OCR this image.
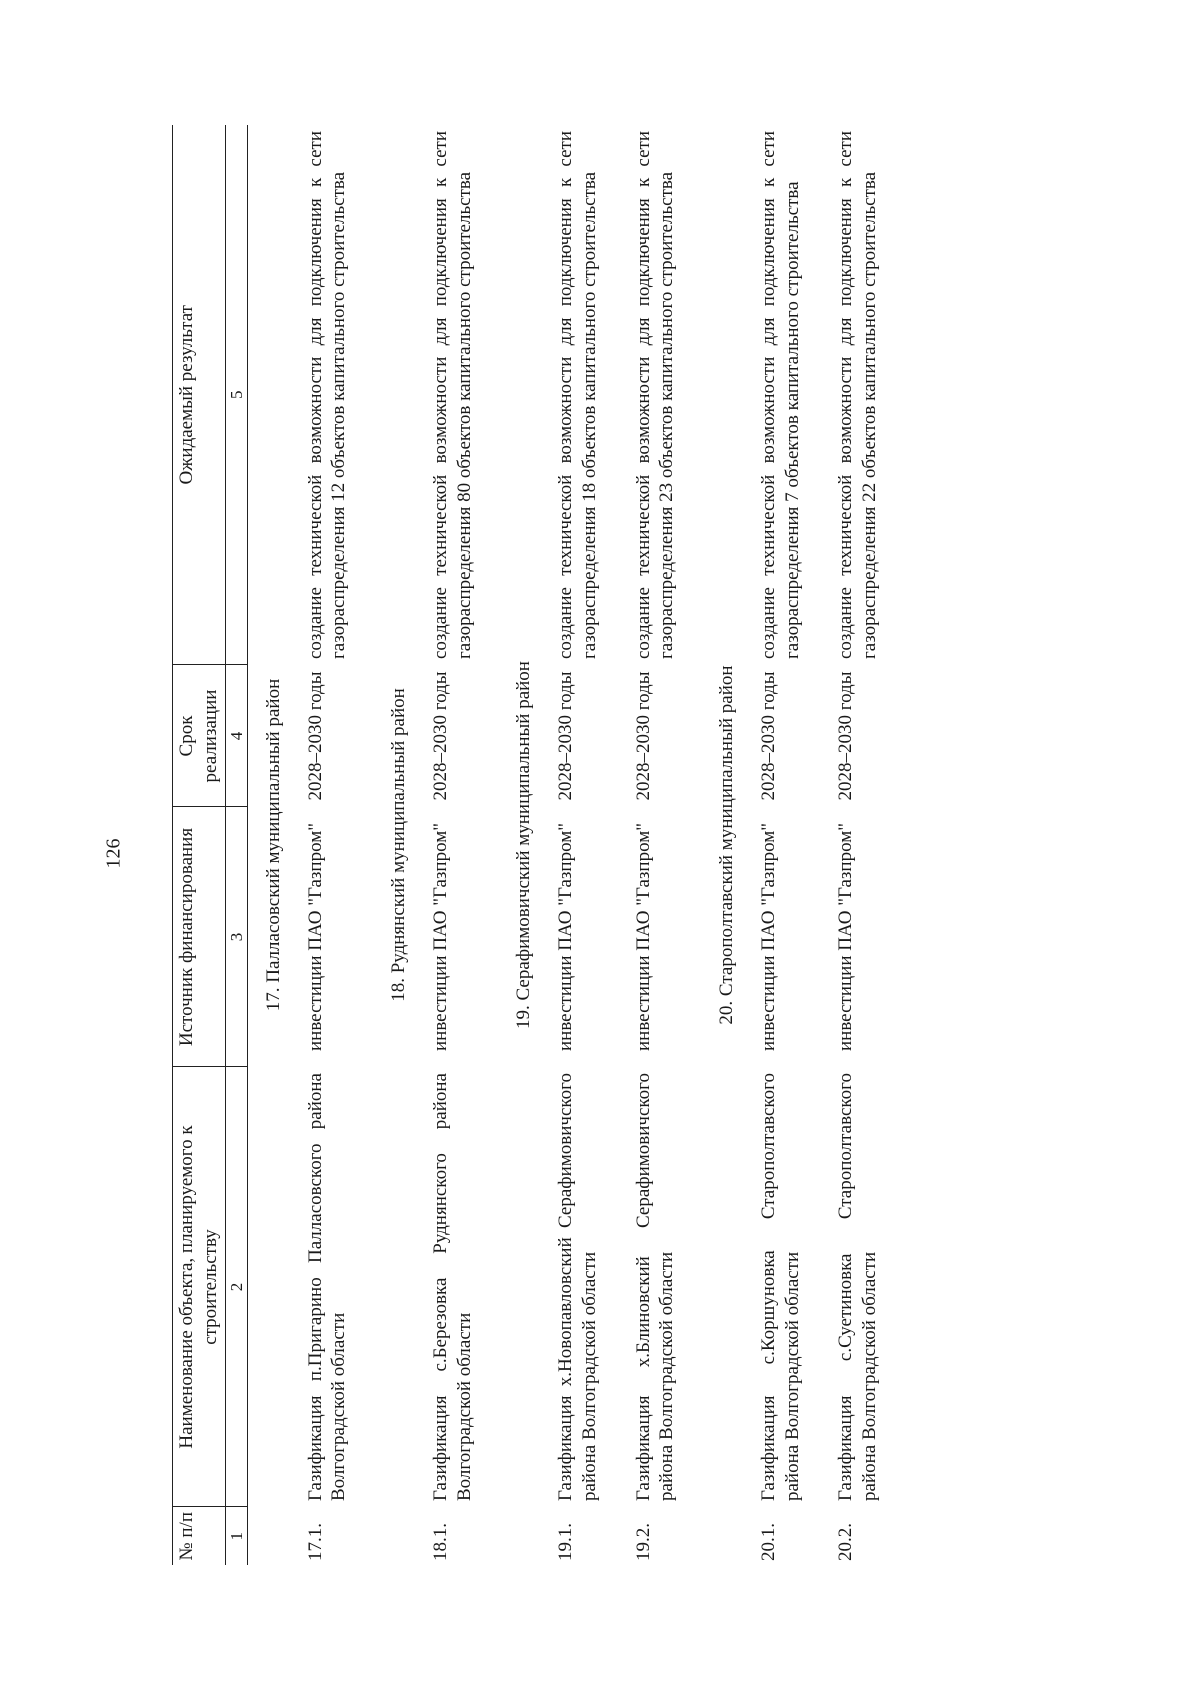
126
№ п/п	Наименование объекта, планируемого к строительству	Источник финансирования	Срок реализации	Ожидаемый результат
1	2	3	4	5
17. Палласовский муниципальный район				
17.1.	Газификация п.Пригарино Палласовского района Волгоградской области	инвестиции ПАО "Газпром"	2028–2030 годы	создание технической возможности для подключения к сети газораспределения 12 объектов капитального строительства
18. Руднянский муниципальный район				
18.1.	Газификация с.Березовка Руднянского района Волгоградской области	инвестиции ПАО "Газпром"	2028–2030 годы	создание технической возможности для подключения к сети газораспределения 80 объектов капитального строительства
19. Серафимовичский муниципальный район				
19.1.	Газификация х.Новопавловский Серафимовичского района Волгоградской области	инвестиции ПАО "Газпром"	2028–2030 годы	создание технической возможности для подключения к сети газораспределения 18 объектов капитального строительства
19.2.	Газификация х.Блиновский Серафимовичского района Волгоградской области	инвестиции ПАО "Газпром"	2028–2030 годы	создание технической возможности для подключения к сети газораспределения 23 объектов капитального строительства
20. Старополтавский муниципальный район				
20.1.	Газификация с.Коршуновка Старополтавского района Волгоградской области	инвестиции ПАО "Газпром"	2028–2030 годы	создание технической возможности для подключения к сети газораспределения 7 объектов капитального строительства
20.2.	Газификация с.Суетиновка Старополтавского района Волгоградской области	инвестиции ПАО "Газпром"	2028–2030 годы	создание технической возможности для подключения к сети газораспределения 22 объектов капитального строительства
